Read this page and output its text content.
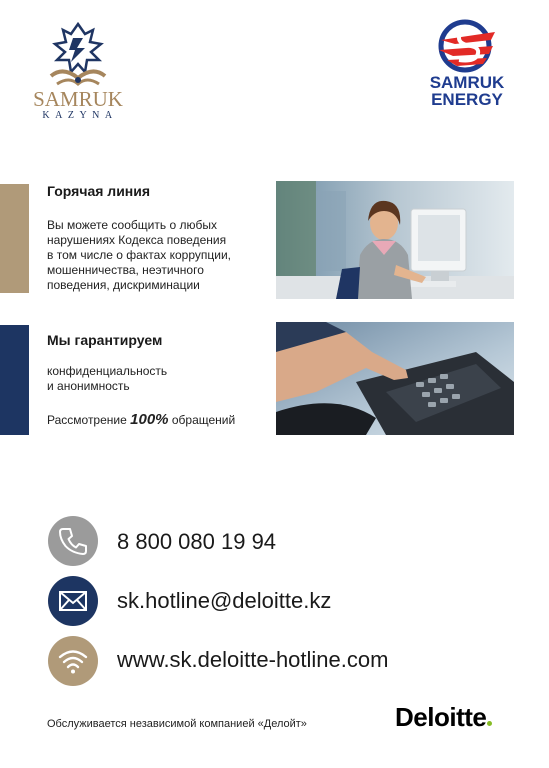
SAMRUK
KAZYNA
SAMRUK
ENERGY
Горячая линия
Вы можете сообщить о любых
нарушениях Кодекса поведения
в том числе о фактах коррупции,
мошенничества, неэтичного
поведения, дискриминации
Мы гарантируем
конфиденциальность
и анонимность
Рассмотрение 100% обращений
8 800 080 19 94
sk.hotline@deloitte.kz
www.sk.deloitte-hotline.com
Обслуживается независимой компанией «Делойт»	Deloitte
